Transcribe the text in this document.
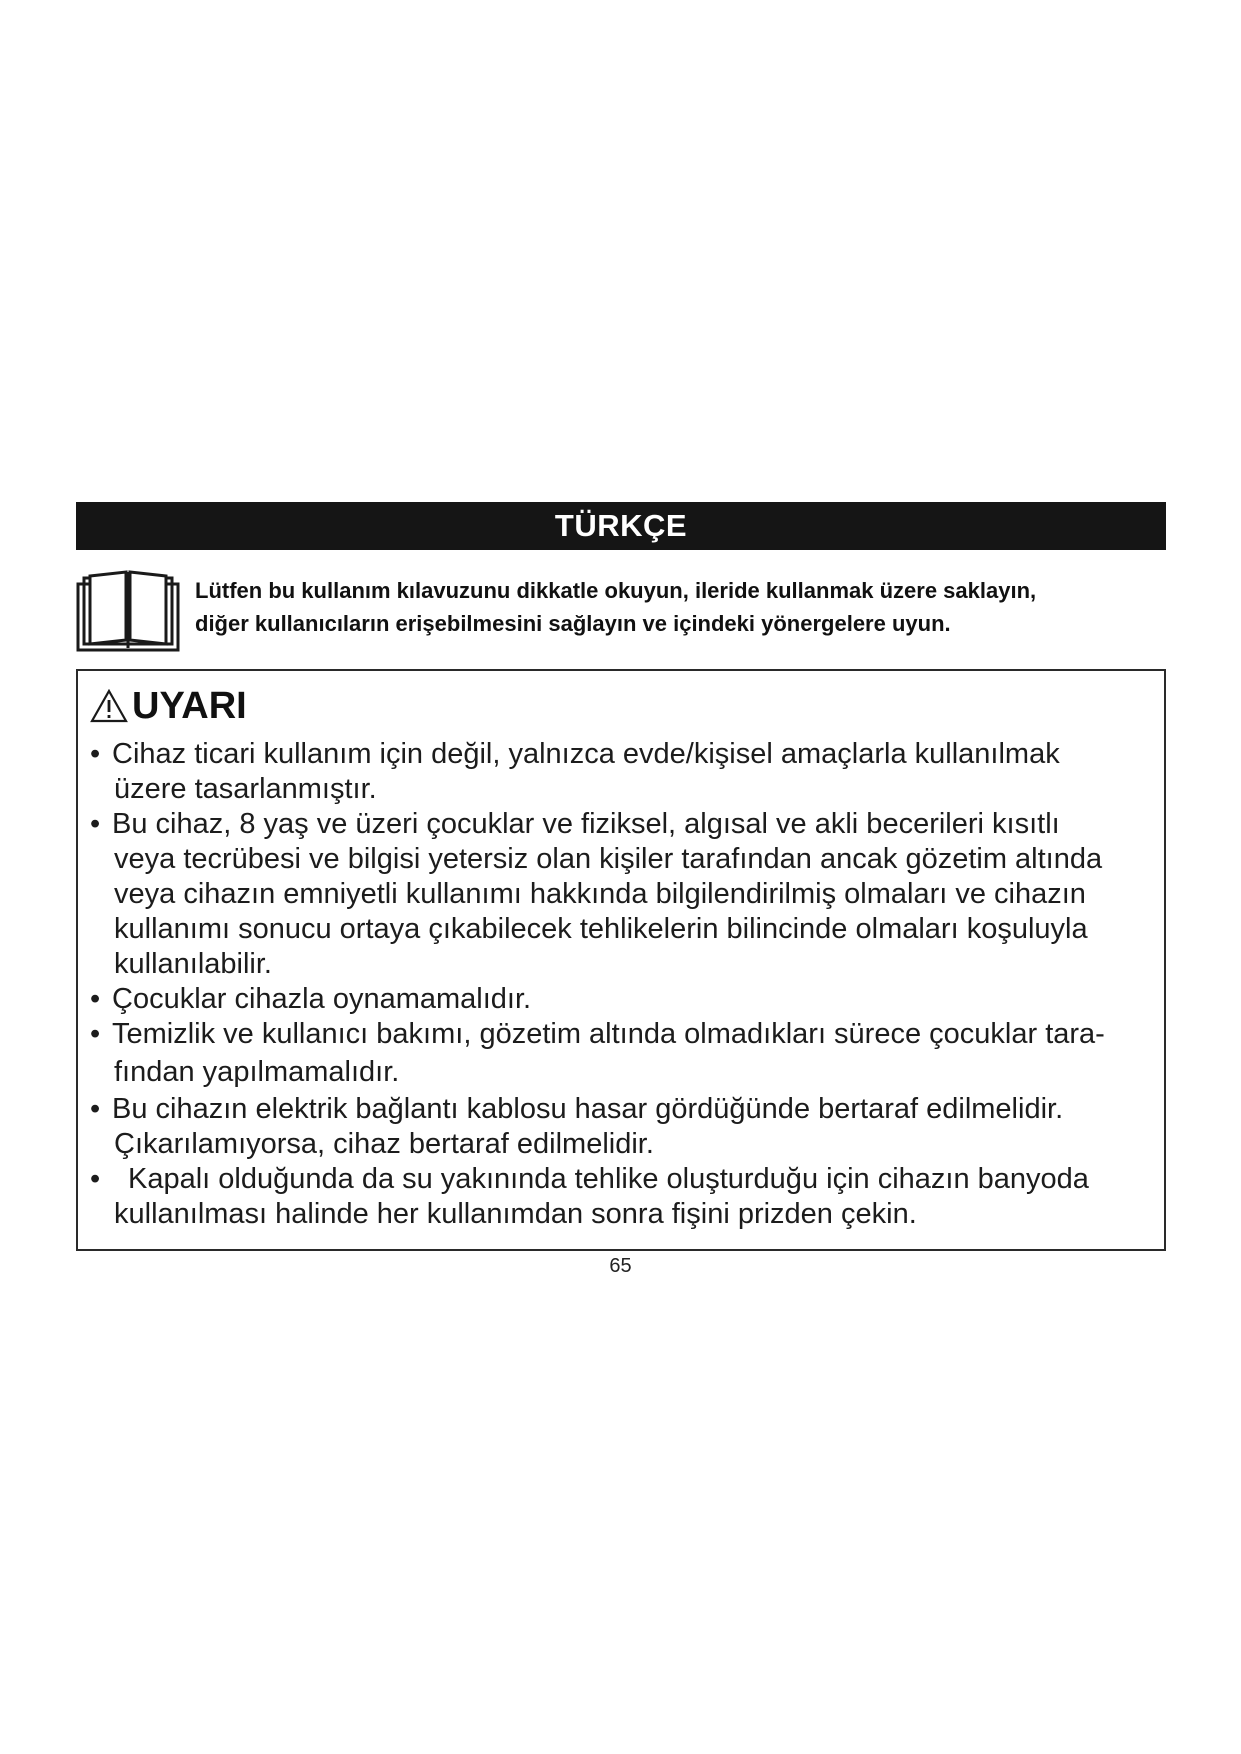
TÜRKÇE

Lütfen bu kullanım kılavuzunu dikkatle okuyun, ileride kullanmak üzere saklayın,

diğer kullanıcıların erişebilmesini sağlayın ve içindeki yönergelere uyun.

UYARI
• Cihaz ticari kullanım için değil, yalnızca evde/kişisel amaçlarla kullanılmak

üzere tasarlanmıştır.

• Bu cihaz, 8 yaş ve üzeri çocuklar ve fiziksel, algısal ve akli becerileri kısıtlı

veya tecrübesi ve bilgisi yetersiz olan kişiler tarafından ancak gözetim altında

veya cihazın emniyetli kullanımı hakkında bilgilendirilmiş olmaları ve cihazın

kullanımı sonucu ortaya çıkabilecek tehlikelerin bilincinde olmaları koşuluyla

kullanılabilir.

• Çocuklar cihazla oynamamalıdır.

• Temizlik ve kullanıcı bakımı, gözetim altında olmadıkları sürece çocuklar tara-

fından yapılmamalıdır.

• Bu cihazın elektrik bağlantı kablosu hasar gördüğünde bertaraf edilmelidir.

Çıkarılamıyorsa, cihaz bertaraf edilmelidir.

• Kapalı olduğunda da su yakınında tehlike oluşturduğu için cihazın banyoda

kullanılması halinde her kullanımdan sonra fişini prizden çekin.

65
